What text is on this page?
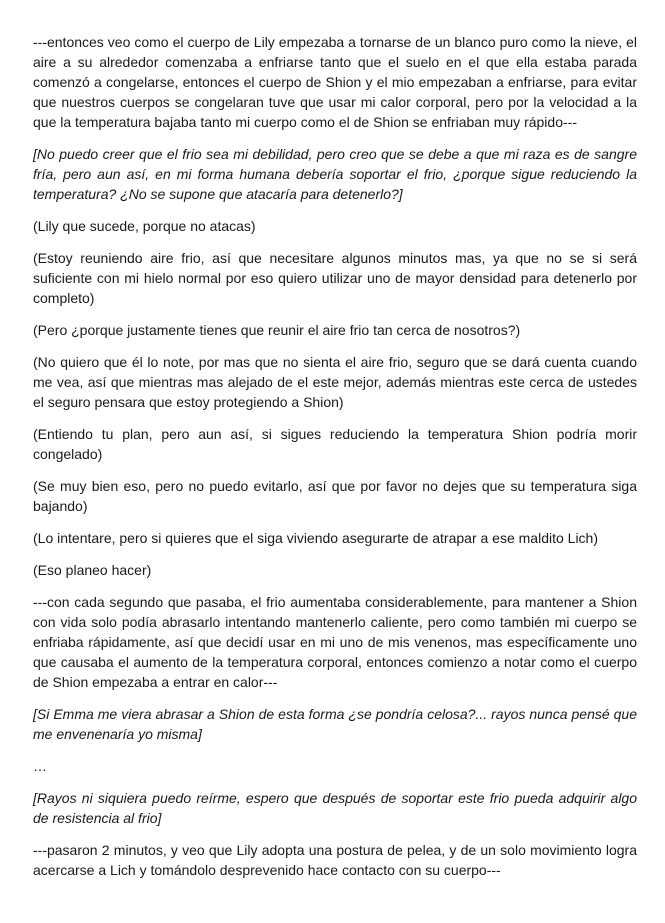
---entonces veo como el cuerpo de Lily empezaba a tornarse de un blanco puro como la nieve, el aire a su alrededor comenzaba a enfriarse tanto que el suelo en el que ella estaba parada comenzó a congelarse, entonces el cuerpo de Shion y el mio empezaban a enfriarse, para evitar que nuestros cuerpos se congelaran tuve que usar mi calor corporal, pero por la velocidad a la que la temperatura bajaba tanto mi cuerpo como el de Shion se enfriaban muy rápido---

[No puedo creer que el frio sea mi debilidad, pero creo que se debe a que mi raza es de sangre fría, pero aun así, en mi forma humana debería soportar el frio, ¿porque sigue reduciendo la temperatura? ¿No se supone que atacaría para detenerlo?]

(Lily que sucede, porque no atacas)

(Estoy reuniendo aire frio, así que necesitare algunos minutos mas, ya que no se si será suficiente con mi hielo normal por eso quiero utilizar uno de mayor densidad para detenerlo por completo)

(Pero ¿porque justamente tienes que reunir el aire frio tan cerca de nosotros?)

(No quiero que él lo note, por mas que no sienta el aire frio, seguro que se dará cuenta cuando me vea, así que mientras mas alejado de el este mejor, además mientras este cerca de ustedes el seguro pensara que estoy protegiendo a Shion)

(Entiendo tu plan, pero aun así, si sigues reduciendo la temperatura Shion podría morir congelado)

(Se muy bien eso, pero no puedo evitarlo, así que por favor no dejes que su temperatura siga bajando)

(Lo intentare, pero si quieres que el siga viviendo asegurarte de atrapar a ese maldito Lich)

(Eso planeo hacer)

---con cada segundo que pasaba, el frio aumentaba considerablemente, para mantener a Shion con vida solo podía abrasarlo intentando mantenerlo caliente, pero como también mi cuerpo se enfriaba rápidamente, así que decidí usar en mi uno de mis venenos, mas específicamente uno que causaba el aumento de la temperatura corporal, entonces comienzo a notar como el cuerpo de Shion empezaba a entrar en calor---

[Si Emma me viera abrasar a Shion de esta forma ¿se pondría celosa?... rayos nunca pensé que me envenenaría yo misma]

…

[Rayos ni siquiera puedo reírme, espero que después de soportar este frio pueda adquirir algo de resistencia al frio]

---pasaron 2 minutos, y veo que Lily adopta una postura de pelea, y de un solo movimiento logra acercarse a Lich y tomándolo desprevenido hace contacto con su cuerpo---
